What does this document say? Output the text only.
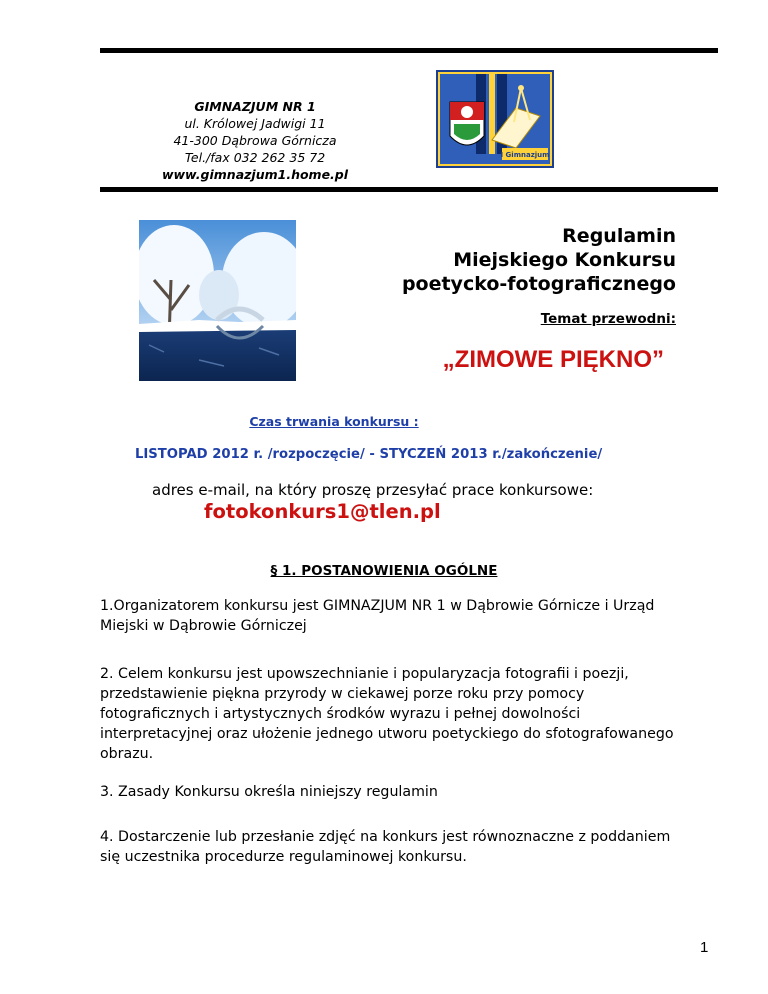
GIMNAZJUM NR 1
ul. Królowej Jadwigi 11
41-300 Dąbrowa Górnicza
Tel./fax 032 262 35 72
www.gimnazjum1.home.pl
I Gimnazjum
Regulamin
Miejskiego Konkursu
poetycko-fotograficznego
Temat przewodni:
„ZIMOWE PIĘKNO”
Czas trwania konkursu :
LISTOPAD 2012 r. /rozpoczęcie/ - STYCZEŃ 2013 r./zakończenie/
adres e-mail, na który proszę przesyłać prace konkursowe:
fotokonkurs1@tlen.pl
§ 1. POSTANOWIENIA OGÓLNE
1.Organizatorem konkursu jest GIMNAZJUM NR 1 w Dąbrowie Górnicze i Urząd Miejski w Dąbrowie Górniczej
2. Celem konkursu jest upowszechnianie i popularyzacja fotografii i poezji, przedstawienie piękna przyrody w ciekawej porze roku przy pomocy fotograficznych i artystycznych środków wyrazu i pełnej dowolności interpretacyjnej oraz ułożenie jednego utworu poetyckiego do sfotografowanego obrazu.
3. Zasady Konkursu określa niniejszy regulamin
4. Dostarczenie lub przesłanie zdjęć na konkurs jest równoznaczne z poddaniem się uczestnika procedurze regulaminowej konkursu.
1
